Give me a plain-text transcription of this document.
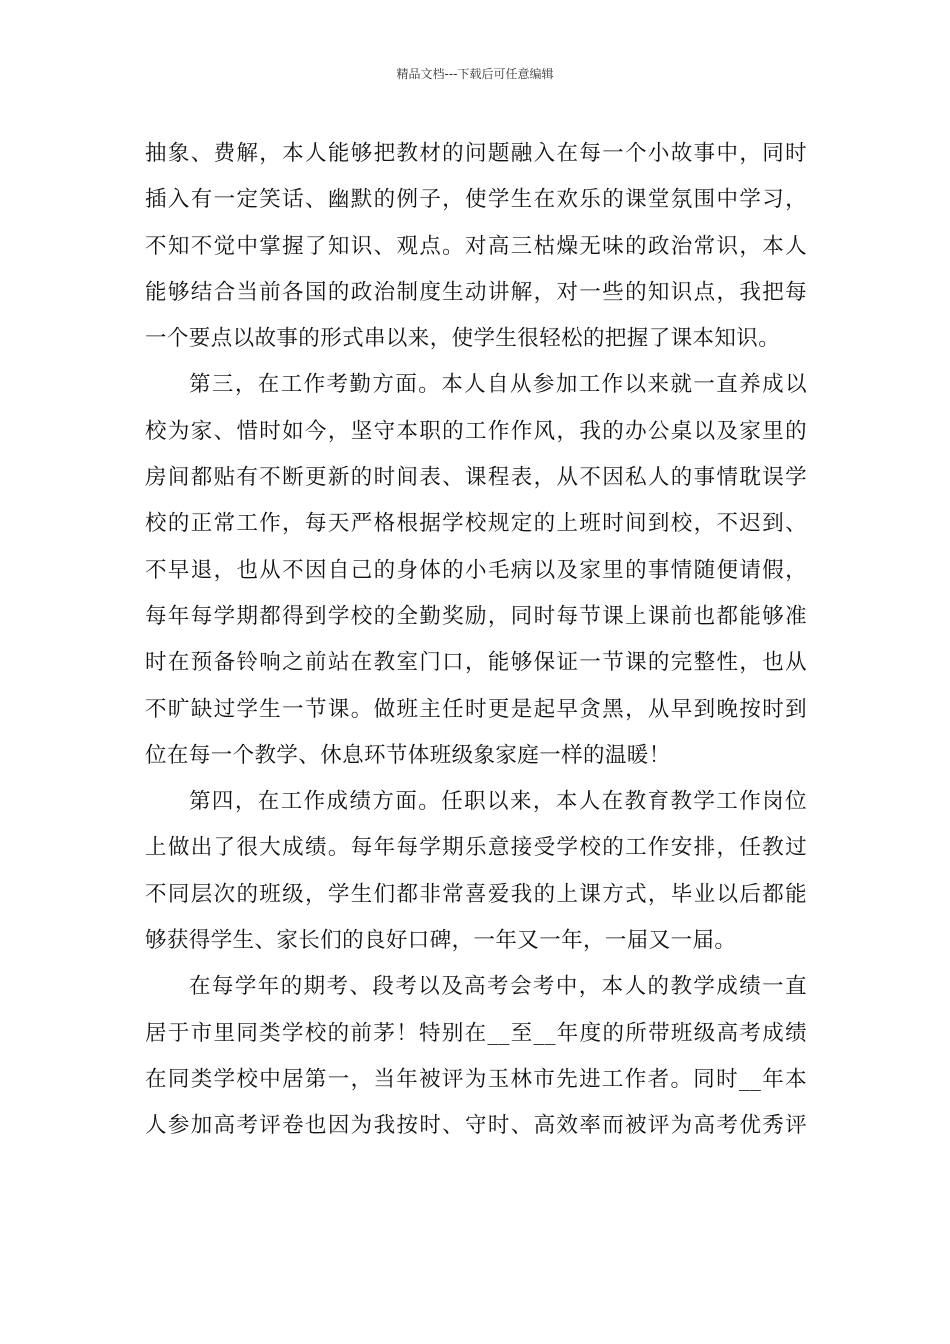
精品文档---下载后可任意编辑
抽象、费解，本人能够把教材的问题融入在每一个小故事中，同时
插入有一定笑话、幽默的例子，使学生在欢乐的课堂氛围中学习，
不知不觉中掌握了知识、观点。对高三枯燥无味的政治常识，本人
能够结合当前各国的政治制度生动讲解，对一些的知识点，我把每
一个要点以故事的形式串以来，使学生很轻松的把握了课本知识。
第三，在工作考勤方面。本人自从参加工作以来就一直养成以
校为家、惜时如今，坚守本职的工作作风，我的办公桌以及家里的
房间都贴有不断更新的时间表、课程表，从不因私人的事情耽误学
校的正常工作，每天严格根据学校规定的上班时间到校，不迟到、
不早退，也从不因自己的身体的小毛病以及家里的事情随便请假，
每年每学期都得到学校的全勤奖励，同时每节课上课前也都能够准
时在预备铃响之前站在教室门口，能够保证一节课的完整性，也从
不旷缺过学生一节课。做班主任时更是起早贪黑，从早到晚按时到
位在每一个教学、休息环节体班级象家庭一样的温暖！
第四，在工作成绩方面。任职以来，本人在教育教学工作岗位
上做出了很大成绩。每年每学期乐意接受学校的工作安排，任教过
不同层次的班级，学生们都非常喜爱我的上课方式，毕业以后都能
够获得学生、家长们的良好口碑，一年又一年，一届又一届。
在每学年的期考、段考以及高考会考中，本人的教学成绩一直
居于市里同类学校的前茅！特别在__至__年度的所带班级高考成绩
在同类学校中居第一，当年被评为玉林市先进工作者。同时__年本
人参加高考评卷也因为我按时、守时、高效率而被评为高考优秀评
